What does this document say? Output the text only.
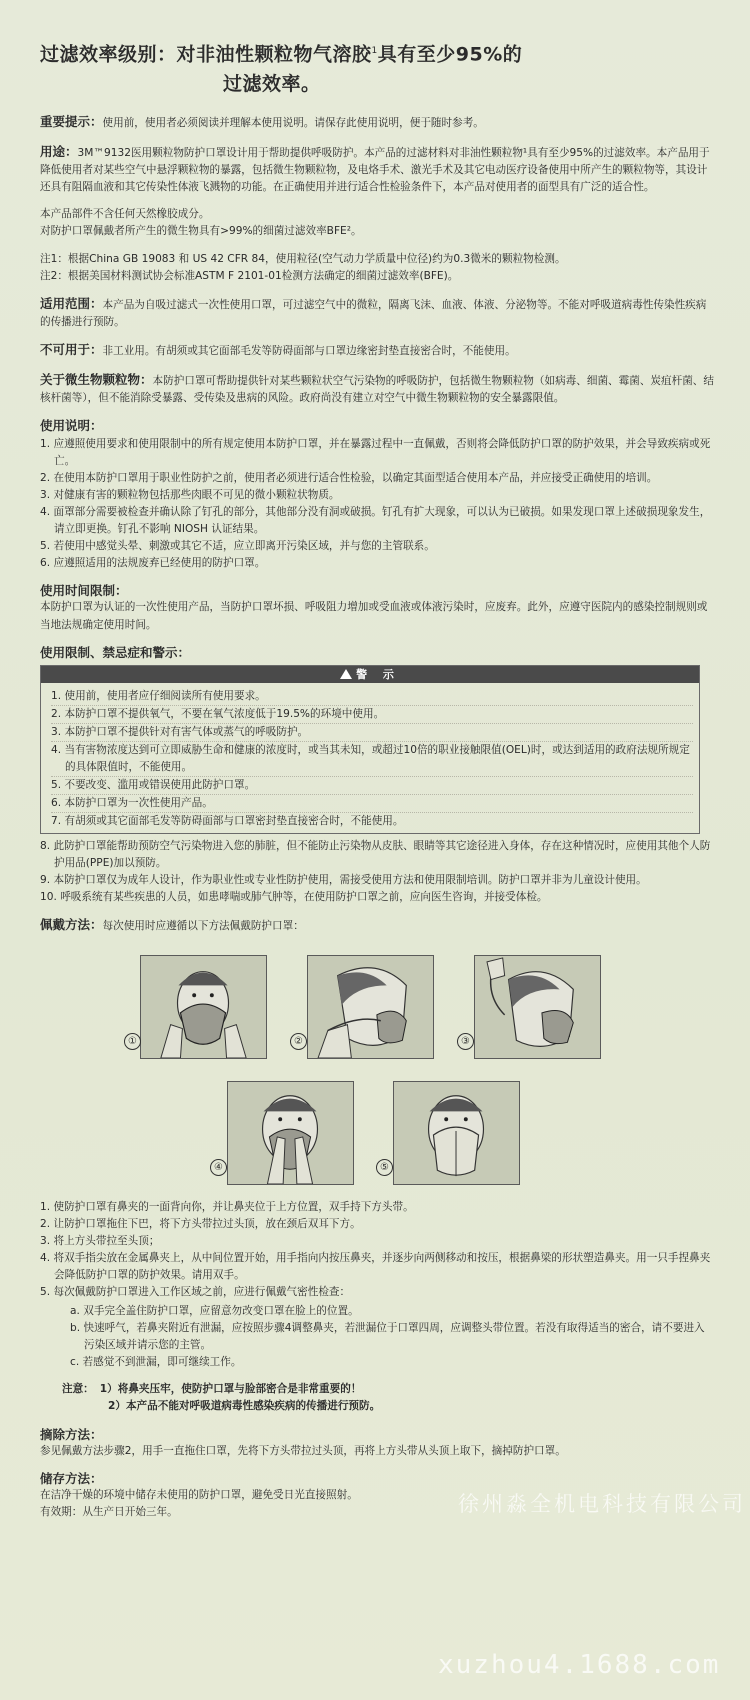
过滤效率级别：对非油性颗粒物气溶胶$^1$具有至少95%的
过滤效率。

重要提示：使用前，使用者必须阅读并理解本使用说明。请保存此使用说明，便于随时参考。

用途：3M™9132医用颗粒物防护口罩设计用于帮助提供呼吸防护。本产品的过滤材料对非油性颗粒物¹具有至少95%的过滤效率。本产品用于降低使用者对某些空气中悬浮颗粒物的暴露，包括微生物颗粒物，及电烙手术、激光手术及其它电动医疗设备使用中所产生的颗粒物等，其设计还具有阻隔血液和其它传染性体液飞溅物的功能。在正确使用并进行适合性检验条件下，本产品对使用者的面型具有广泛的适合性。

本产品部件不含任何天然橡胶成分。

对防护口罩佩戴者所产生的微生物具有>99%的细菌过滤效率BFE²。

注1：根据China GB 19083 和 US 42 CFR 84，使用粒径(空气动力学质量中位径)约为0.3微米的颗粒物检测。

注2：根据美国材料测试协会标准ASTM F 2101-01检测方法确定的细菌过滤效率(BFE)。

适用范围：本产品为自吸过滤式一次性使用口罩，可过滤空气中的微粒，隔离飞沫、血液、体液、分泌物等。不能对呼吸道病毒性传染性疾病的传播进行预防。

不可用于：非工业用。有胡须或其它面部毛发等防碍面部与口罩边缘密封垫直接密合时，不能使用。

关于微生物颗粒物：本防护口罩可帮助提供针对某些颗粒状空气污染物的呼吸防护，包括微生物颗粒物（如病毒、细菌、霉菌、炭疽杆菌、结核杆菌等），但不能消除受暴露、受传染及患病的风险。政府尚没有建立对空气中微生物颗粒物的安全暴露限值。

使用说明：
1. 应遵照使用要求和使用限制中的所有规定使用本防护口罩，并在暴露过程中一直佩戴，否则将会降低防护口罩的防护效果，并会导致疾病或死亡。
2. 在使用本防护口罩用于职业性防护之前，使用者必须进行适合性检验，以确定其面型适合使用本产品，并应接受正确使用的培训。
3. 对健康有害的颗粒物包括那些肉眼不可见的微小颗粒状物质。
4. 面罩部分需要被检查并确认除了钉孔的部分，其他部分没有洞或破损。钉孔有扩大现象，可以认为已破损。如果发现口罩上述破损现象发生，请立即更换。钉孔不影响 NIOSH 认证结果。
5. 若使用中感觉头晕、刺激或其它不适，应立即离开污染区域，并与您的主管联系。
6. 应遵照适用的法规废弃已经使用的防护口罩。
使用时间限制：

本防护口罩为认证的一次性使用产品，当防护口罩坏损、呼吸阻力增加或受血液或体液污染时，应废弃。此外，应遵守医院内的感染控制规则或当地法规确定使用时间。

使用限制、禁忌症和警示：
警 示
1. 使用前，使用者应仔细阅读所有使用要求。
2. 本防护口罩不提供氧气，不要在氧气浓度低于19.5%的环境中使用。
3. 本防护口罩不提供针对有害气体或蒸气的呼吸防护。
4. 当有害物浓度达到可立即威胁生命和健康的浓度时，或当其未知，或超过10倍的职业接触限值(OEL)时，或达到适用的政府法规所规定的具体限值时，不能使用。
5. 不要改变、滥用或错误使用此防护口罩。
6. 本防护口罩为一次性使用产品。
7. 有胡须或其它面部毛发等防碍面部与口罩密封垫直接密合时，不能使用。
8. 此防护口罩能帮助预防空气污染物进入您的肺脏，但不能防止污染物从皮肤、眼睛等其它途径进入身体，存在这种情况时，应使用其他个人防护用品(PPE)加以预防。
9. 本防护口罩仅为成年人设计，作为职业性或专业性防护使用，需接受使用方法和使用限制培训。防护口罩并非为儿童设计使用。
10. 呼吸系统有某些疾患的人员，如患哮喘或肺气肿等，在使用防护口罩之前，应向医生咨询，并接受体检。

佩戴方法：每次使用时应遵循以下方法佩戴防护口罩：

①	②	③
④	⑤
1. 使防护口罩有鼻夹的一面背向你，并让鼻夹位于上方位置，双手持下方头带。
2. 让防护口罩拖住下巴，将下方头带拉过头顶，放在颈后双耳下方。
3. 将上方头带拉至头顶；
4. 将双手指尖放在金属鼻夹上，从中间位置开始，用手指向内按压鼻夹，并逐步向两侧移动和按压，根据鼻梁的形状塑造鼻夹。用一只手捏鼻夹会降低防护口罩的防护效果。请用双手。
5. 每次佩戴防护口罩进入工作区域之前，应进行佩戴气密性检查：
a. 双手完全盖住防护口罩，应留意勿改变口罩在脸上的位置。
b. 快速呼气，若鼻夹附近有泄漏，应按照步骤4调整鼻夹，若泄漏位于口罩四周，应调整头带位置。若没有取得适当的密合，请不要进入污染区域并请示您的主管。
c. 若感觉不到泄漏，即可继续工作。

注意： 1）将鼻夹压牢，使防护口罩与脸部密合是非常重要的！

2）本产品不能对呼吸道病毒性感染疾病的传播进行预防。

摘除方法：

参见佩戴方法步骤2，用手一直拖住口罩，先将下方头带拉过头顶，再将上方头带从头顶上取下，摘掉防护口罩。

储存方法：

在洁净干燥的环境中储存未使用的防护口罩，避免受日光直接照射。

有效期：从生产日开始三年。	徐州淼全机电科技有限公司
xuzhou4.1688.com
